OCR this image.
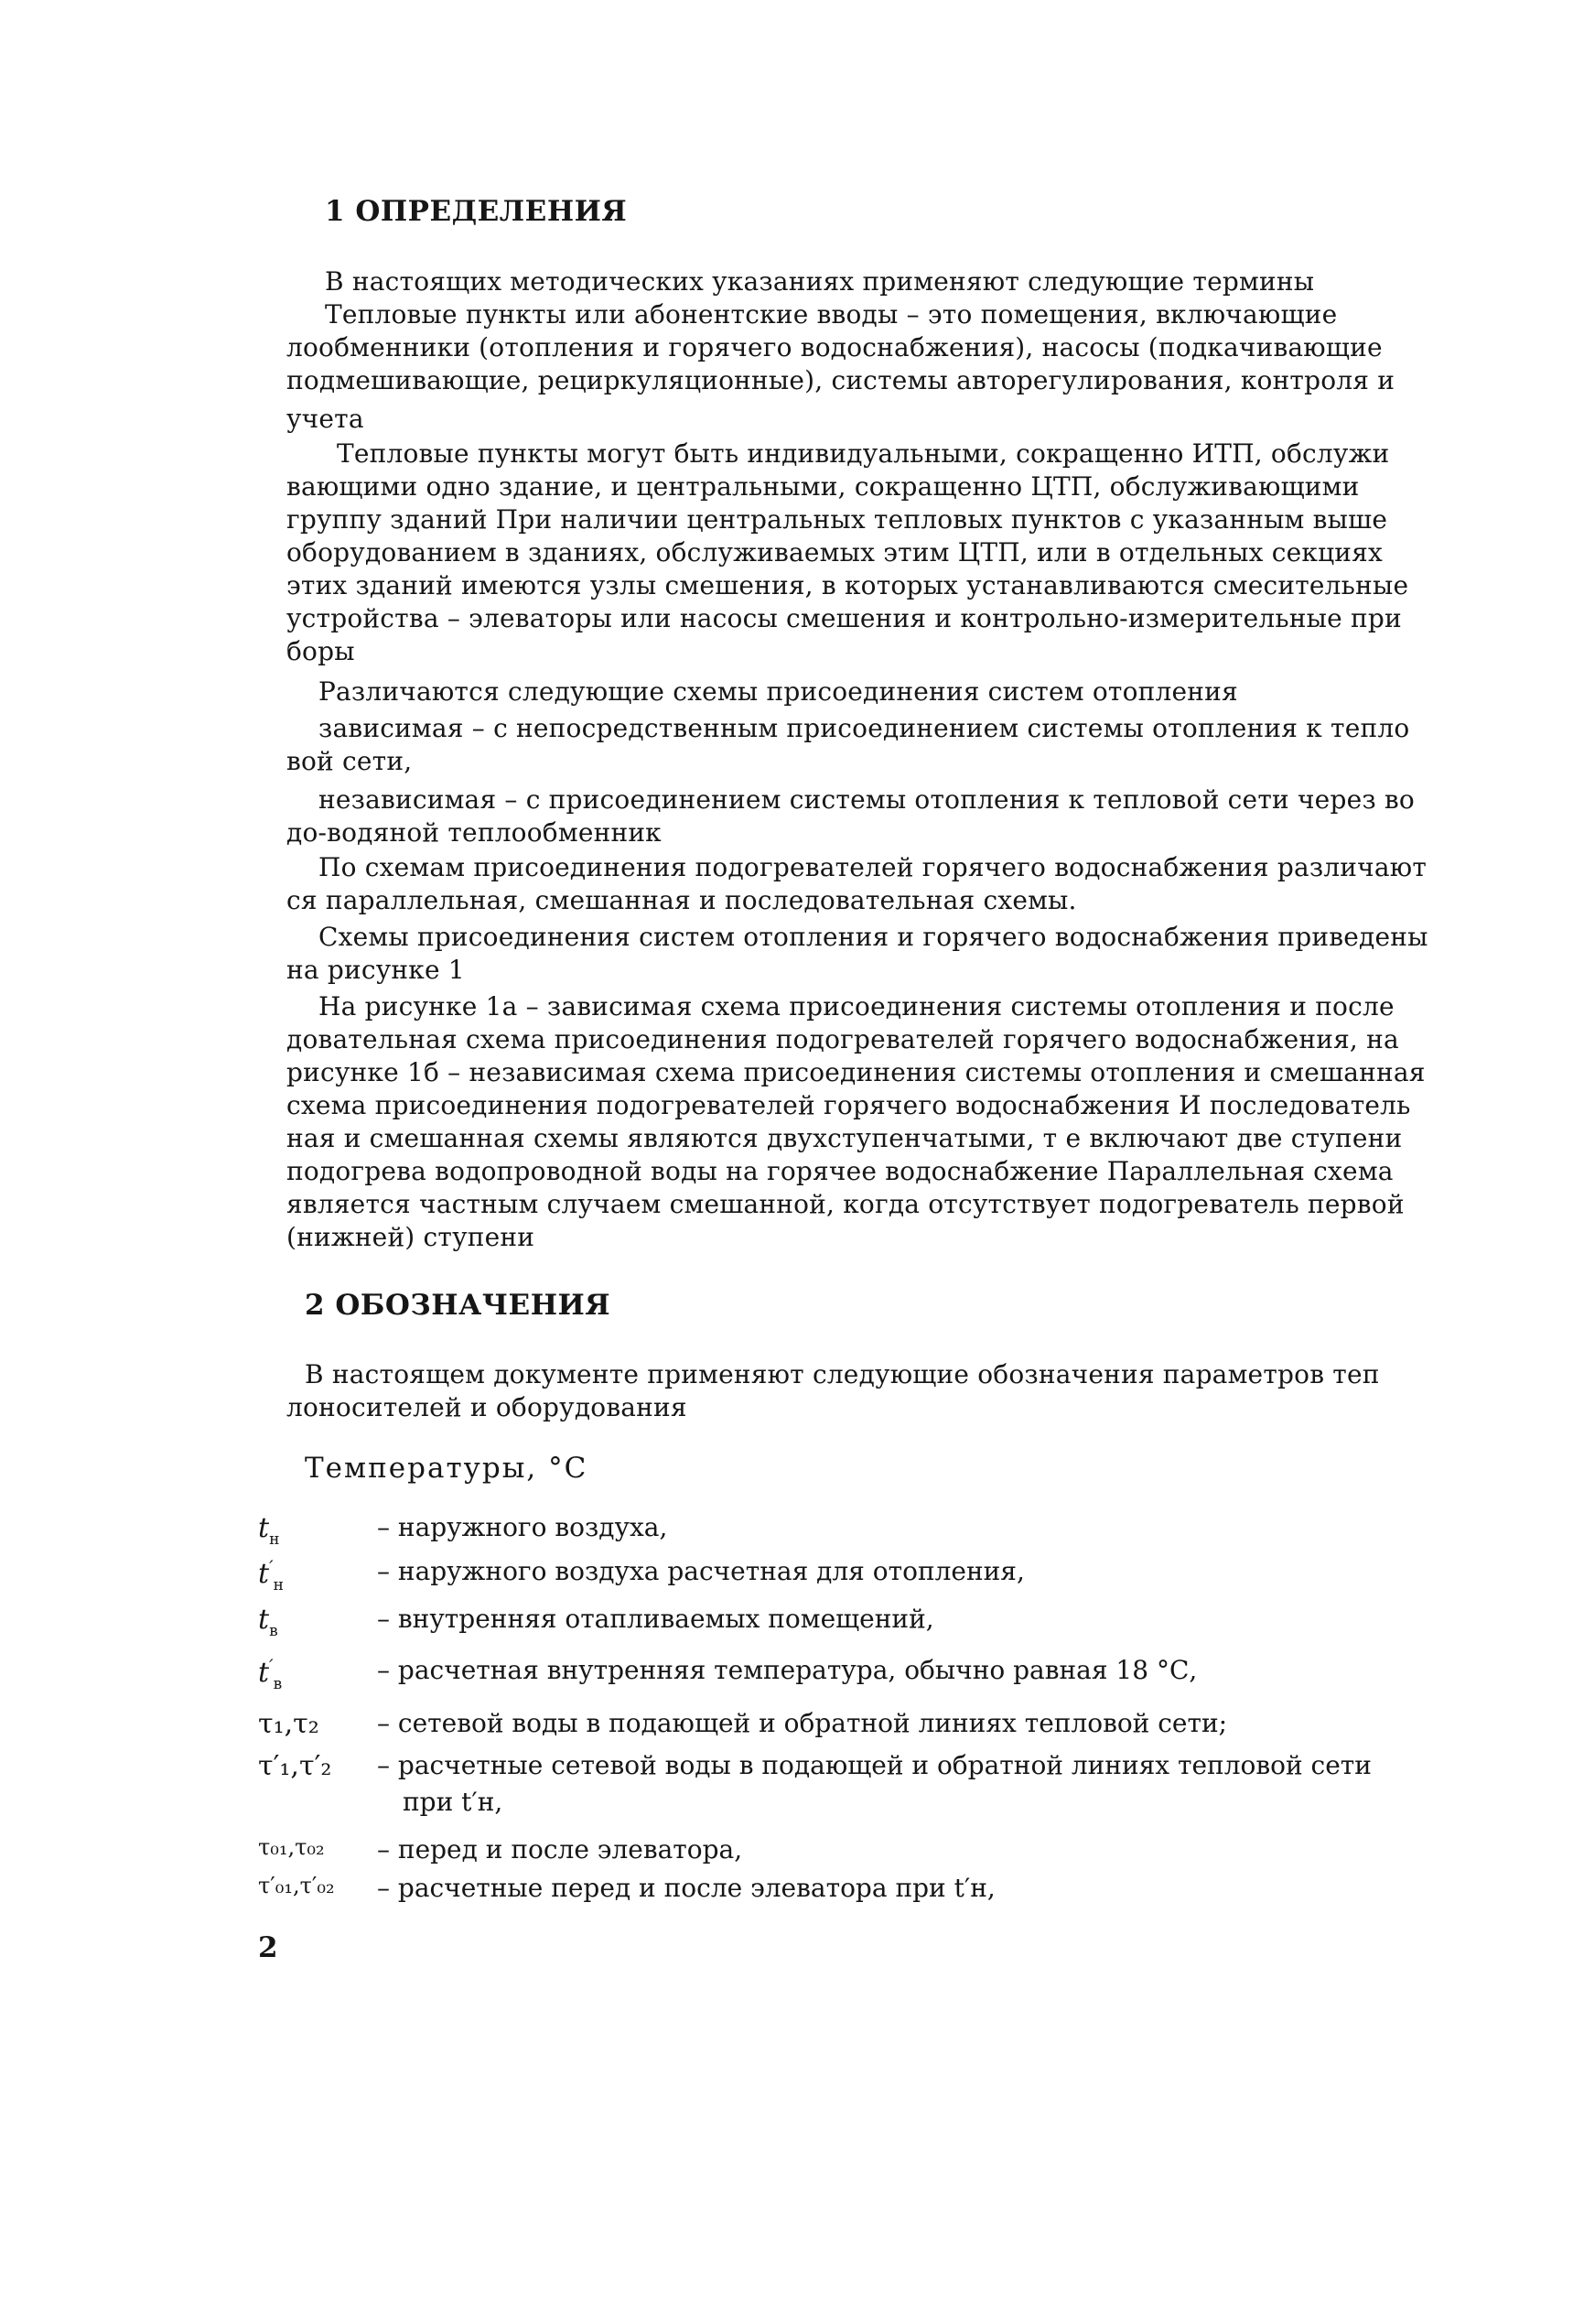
1 ОПРЕДЕЛЕНИЯ
В настоящих методических указаниях применяют следующие термины
Тепловые пункты или абонентские вводы – это помещения, включающие
лообменники (отопления и горячего водоснабжения), насосы (подкачивающие
подмешивающие, рециркуляционные), системы авторегулирования, контроля и
учета
Тепловые пункты могут быть индивидуальными, сокращенно ИТП, обслужи
вающими одно здание, и центральными, сокращенно ЦТП, обслуживающими
группу зданий При наличии центральных тепловых пунктов с указанным выше
оборудованием в зданиях, обслуживаемых этим ЦТП, или в отдельных секциях
этих зданий имеются узлы смешения, в которых устанавливаются смесительные
устройства – элеваторы или насосы смешения и контрольно-измерительные при
боры
Различаются следующие схемы присоединения систем отопления
зависимая – с непосредственным присоединением системы отопления к тепло
вой сети,
независимая – с присоединением системы отопления к тепловой сети через во
до-водяной теплообменник
По схемам присоединения подогревателей горячего водоснабжения различают
ся параллельная, смешанная и последовательная схемы.
Схемы присоединения систем отопления и горячего водоснабжения приведены
на рисунке 1
На рисунке 1а – зависимая схема присоединения системы отопления и после
довательная схема присоединения подогревателей горячего водоснабжения, на
рисунке 1б – независимая схема присоединения системы отопления и смешанная
схема присоединения подогревателей горячего водоснабжения И последователь
ная и смешанная схемы являются двухступенчатыми, т е включают две ступени
подогрева водопроводной воды на горячее водоснабжение Параллельная схема
является частным случаем смешанной, когда отсутствует подогреватель первой
(нижней) ступени
2 ОБОЗНАЧЕНИЯ
В настоящем документе применяют следующие обозначения параметров теп
лоносителей и оборудования
Температуры, °С
$t_н$	– наружного воздуха,
$t'_н$	– наружного воздуха расчетная для отопления,
$t_в$	– внутренняя отапливаемых помещений,
$t'_в$	– расчетная внутренняя температура, обычно равная 18 °С,
τ₁,τ₂ – сетевой воды в подающей и обратной линиях тепловой сети;
τ′₁,τ′₂ – расчетные сетевой воды в подающей и обратной линиях тепловой сети
при t′н,
τ₀₁,τ₀₂ – перед и после элеватора,
τ′₀₁,τ′₀₂ – расчетные перед и после элеватора при t′н,
2
